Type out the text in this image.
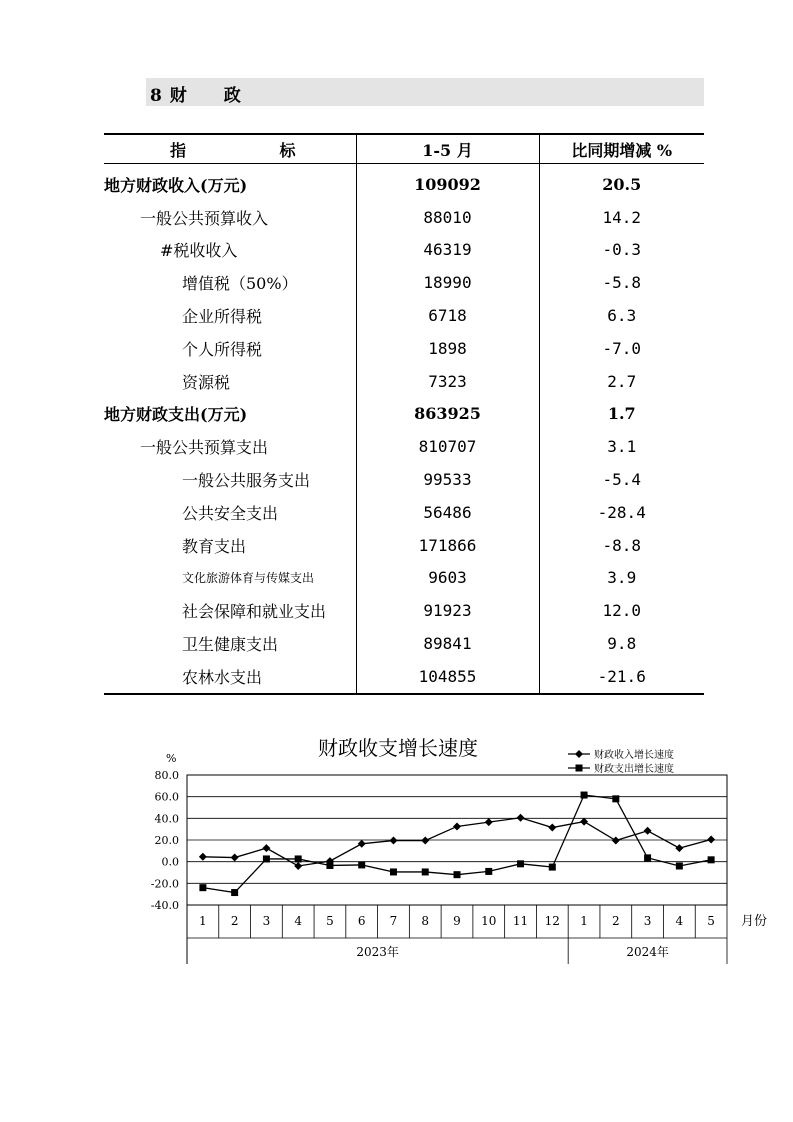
8 财　　政
指 标	1-5 月	比同期增减 %
地方财政收入(万元)	109092	20.5
一般公共预算收入	88010	14.2
#税收收入	46319	-0.3
增值税（50%）	18990	-5.8
企业所得税	6718	6.3
个人所得税	1898	-7.0
资源税	7323	2.7
地方财政支出(万元)	863925	1.7
一般公共预算支出	810707	3.1
一般公共服务支出	99533	-5.4
公共安全支出	56486	-28.4
教育支出	171866	-8.8
文化旅游体育与传媒支出	9603	3.9
社会保障和就业支出	91923	12.0
卫生健康支出	89841	9.8
农林水支出	104855	-21.6
财政收支增长速度
%
80.0
60.0
40.0
20.0
0.0
-20.0
-40.0
1 2 3 4 5 6 7 8 9 10 11 12 1 2 3 4 5
2023年	2024年
月份
财政收入增长速度
财政支出增长速度
